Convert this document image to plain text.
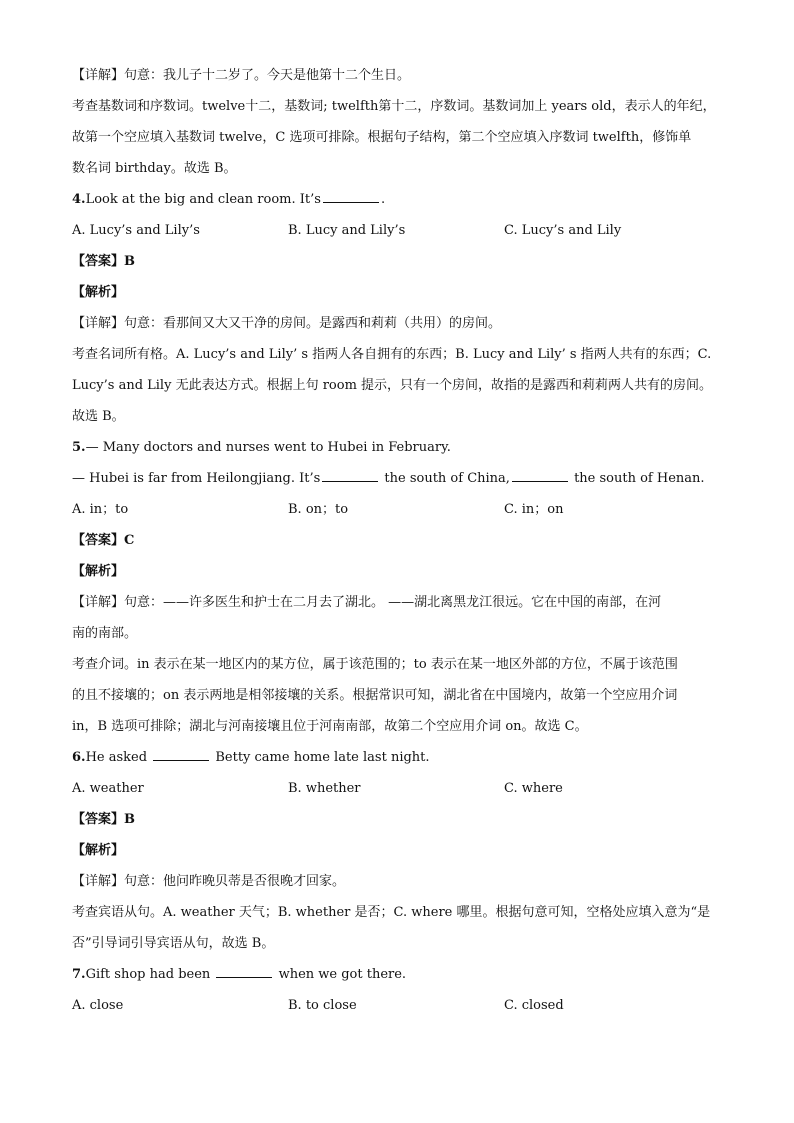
【详解】句意：我儿子十二岁了。今天是他第十二个生日。
考查基数词和序数词。twelve十二，基数词; twelfth第十二，序数词。基数词加上 years old，表示人的年纪，
故第一个空应填入基数词 twelve，C 选项可排除。根据句子结构，第二个空应填入序数词 twelfth，修饰单
数名词 birthday。故选 B。
4.Look at the big and clean room. It’s	.
A. Lucy’s and Lily’s	B. Lucy and Lily’s	C. Lucy’s and Lily
【答案】B
【解析】
【详解】句意：看那间又大又干净的房间。是露西和莉莉（共用）的房间。
考查名词所有格。A. Lucy’s and Lily’ s 指两人各自拥有的东西；B. Lucy and Lily’ s 指两人共有的东西；C.
Lucy’s and Lily 无此表达方式。根据上句 room 提示，只有一个房间，故指的是露西和莉莉两人共有的房间。
故选 B。
5.— Many doctors and nurses went to Hubei in February.
— Hubei is far from Heilongjiang. It’s	the south of China,	the south of Henan.
A. in；to	B. on；to	C. in；on
【答案】C
【解析】
【详解】句意：——许多医生和护士在二月去了湖北。 ——湖北离黑龙江很远。它在中国的南部，在河
南的南部。
考查介词。in 表示在某一地区内的某方位，属于该范围的；to 表示在某一地区外部的方位，不属于该范围
的且不接壤的；on 表示两地是相邻接壤的关系。根据常识可知，湖北省在中国境内，故第一个空应用介词
in，B 选项可排除；湖北与河南接壤且位于河南南部，故第二个空应用介词 on。故选 C。
6.He asked	Betty came home late last night.
A. weather	B. whether	C. where
【答案】B
【解析】
【详解】句意：他问昨晚贝蒂是否很晚才回家。
考查宾语从句。A. weather 天气；B. whether 是否；C. where 哪里。根据句意可知，空格处应填入意为“是
否”引导词引导宾语从句，故选 B。
7.Gift shop had been	when we got there.
A. close	B. to close	C. closed
